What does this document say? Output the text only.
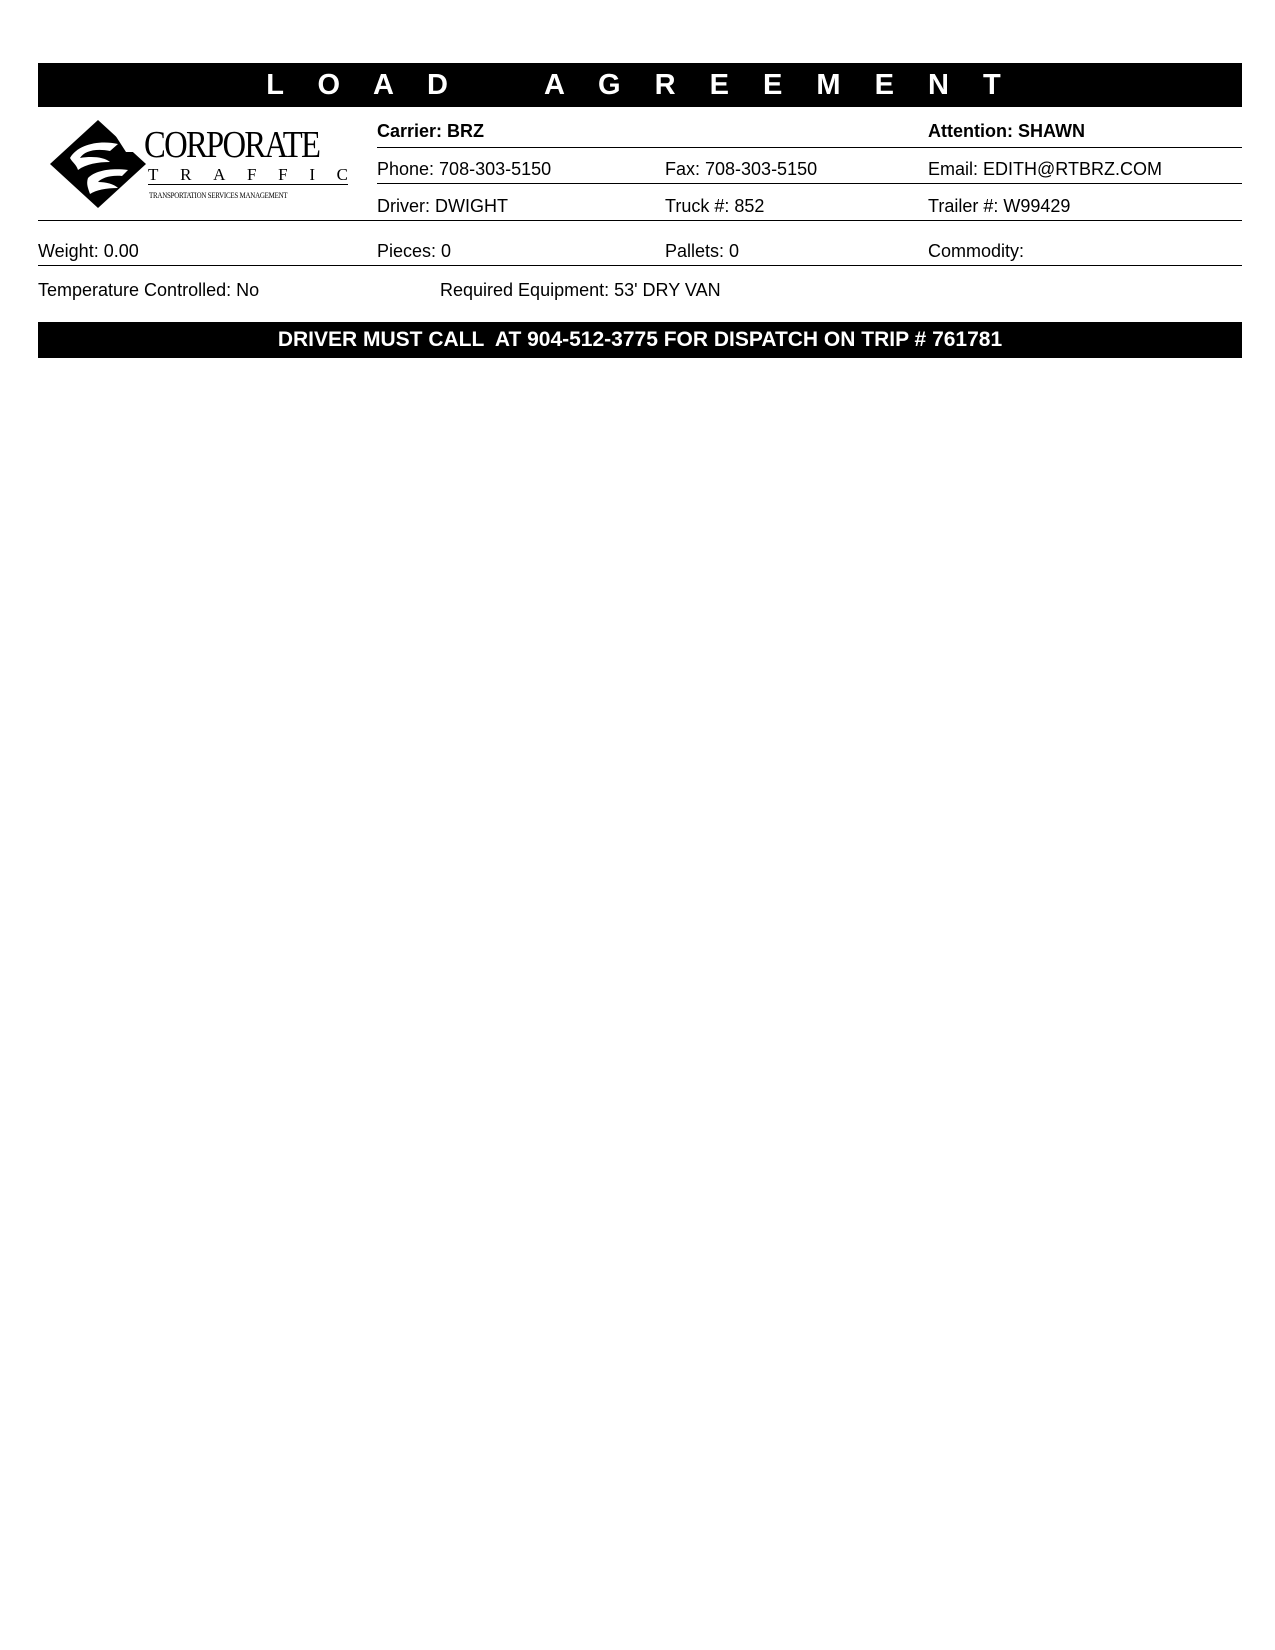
L O A D    A G R E E M E N T
CORPORATE
T R A F F I C
TRANSPORTATION SERVICES MANAGEMENT
Carrier: BRZ	Attention: SHAWN
Phone: 708-303-5150	Fax: 708-303-5150	Email: EDITH@RTBRZ.COM
Driver: DWIGHT	Truck #: 852	Trailer #: W99429
Weight: 0.00	Pieces: 0	Pallets: 0	Commodity:
Temperature Controlled: No	Required Equipment: 53' DRY VAN
DRIVER MUST CALL  AT 904-512-3775 FOR DISPATCH ON TRIP # 761781
